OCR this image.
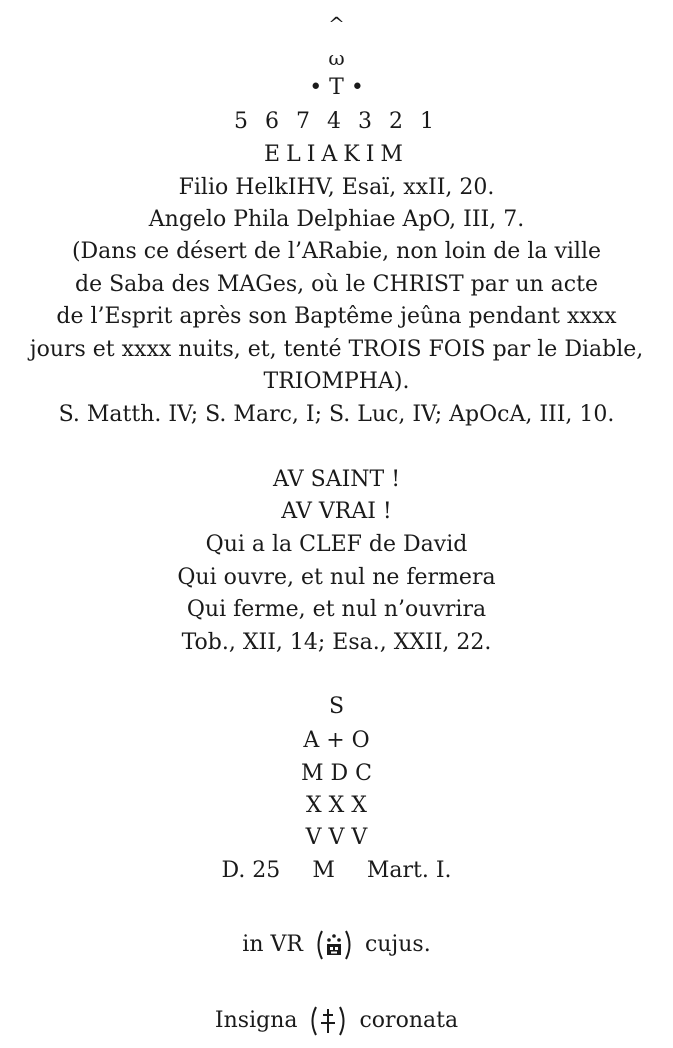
^
ω
• T •
5 6 7 4 3 2 1
ELIAKIM
Filio HelkIHV, Esaï, xxII, 20.
Angelo Phila Delphiae ApO, III, 7.
(Dans ce désert de l’ARabie, non loin de la ville
de Saba des MAGes, où le CHRIST par un acte
de l’Esprit après son Baptême jeûna pendant xxxx
jours et xxxx nuits, et, tenté TROIS FOIS par le Diable,
TRIOMPHA).
S. Matth. IV; S. Marc, I; S. Luc, IV; ApOcA, III, 10.
AV SAINT !
AV VRAI !
Qui a la CLEF de David
Qui ouvre, et nul ne fermera
Qui ferme, et nul n’ouvrira
Tob., XII, 14; Esa., XXII, 22.
S
A + O
M D C
X X X
V V V
D. 25 M Mart. I.
in VR	cujus.
Insigna	coronata
